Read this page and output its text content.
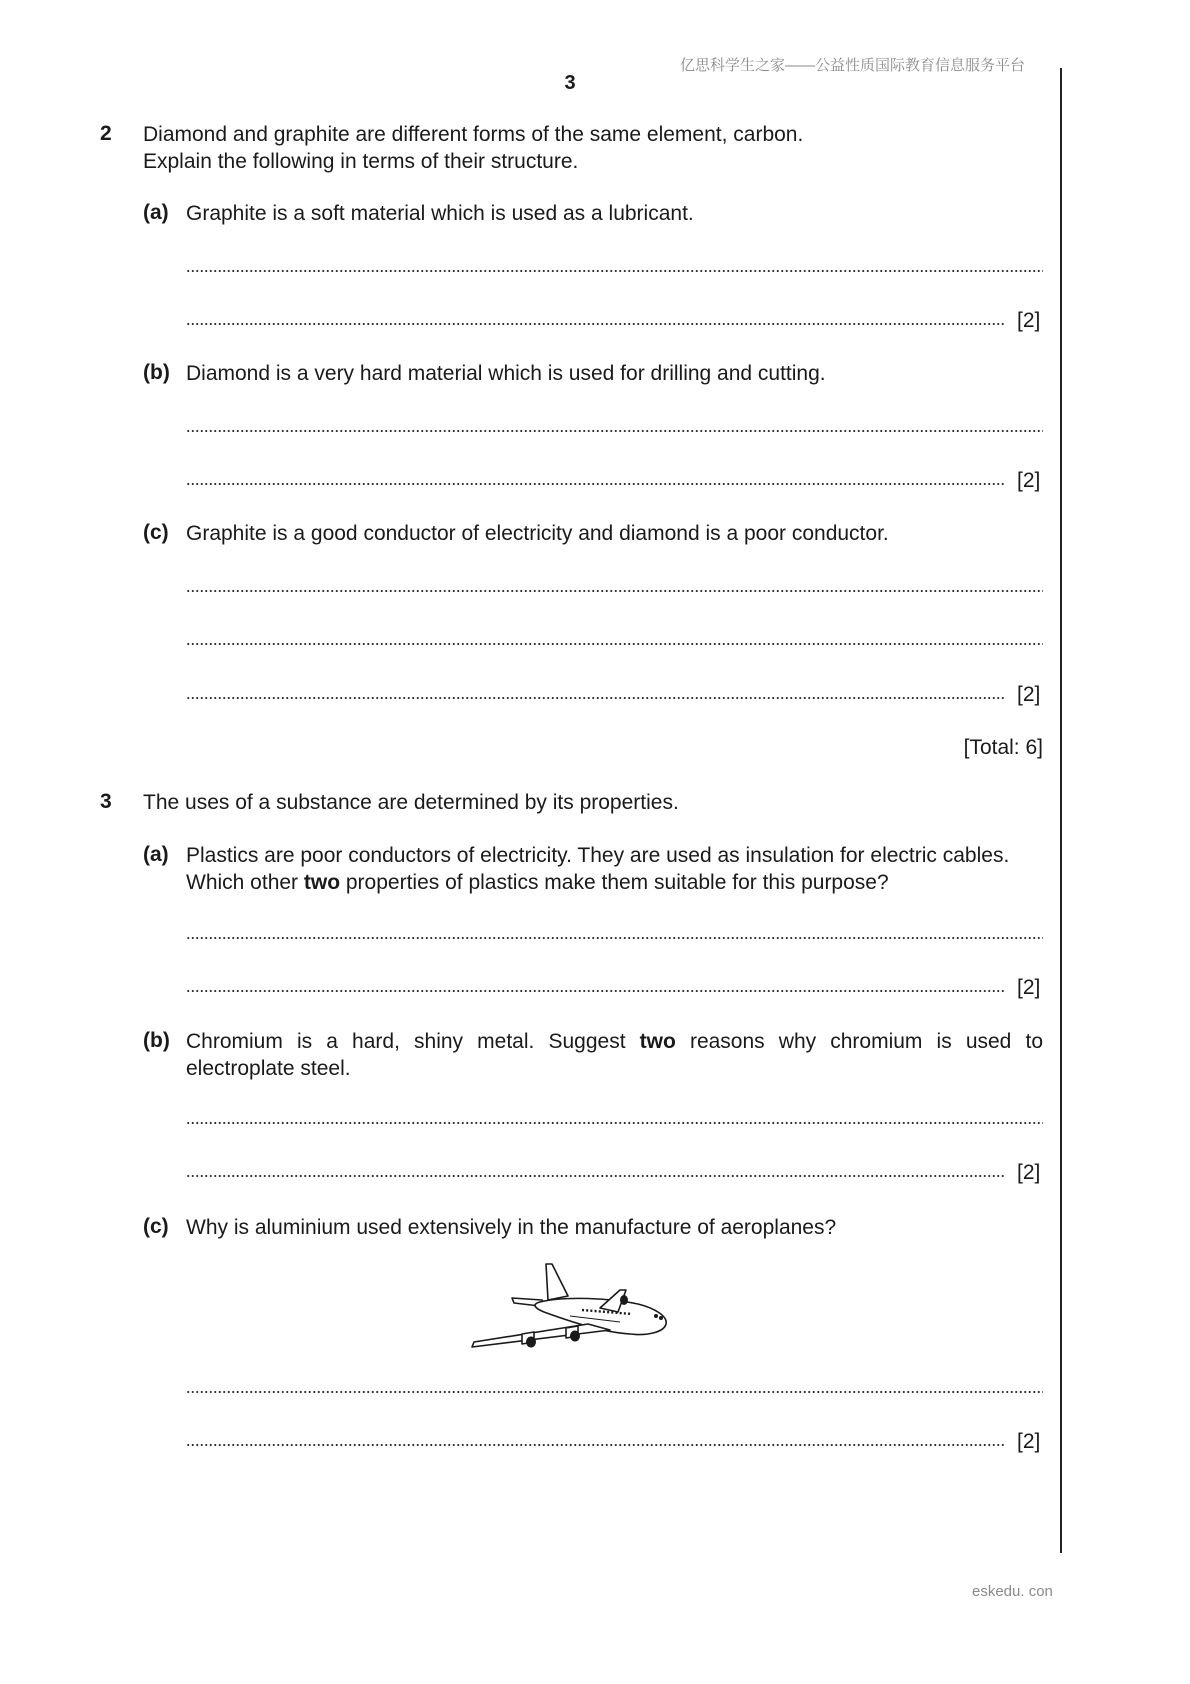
亿思科学生之家——公益性质国际教育信息服务平台
3
2 Diamond and graphite are different forms of the same element, carbon.
Explain the following in terms of their structure.
(a) Graphite is a soft material which is used as a lubricant.
[2]
(b) Diamond is a very hard material which is used for drilling and cutting.
[2]
(c) Graphite is a good conductor of electricity and diamond is a poor conductor.
[2]
[Total: 6]
3 The uses of a substance are determined by its properties.
(a) Plastics are poor conductors of electricity. They are used as insulation for electric cables.
Which other two properties of plastics make them suitable for this purpose?
[2]
(b) Chromium is a hard, shiny metal. Suggest two reasons why chromium is used to
electroplate steel.
[2]
(c) Why is aluminium used extensively in the manufacture of aeroplanes?
[2]
eskedu. con
